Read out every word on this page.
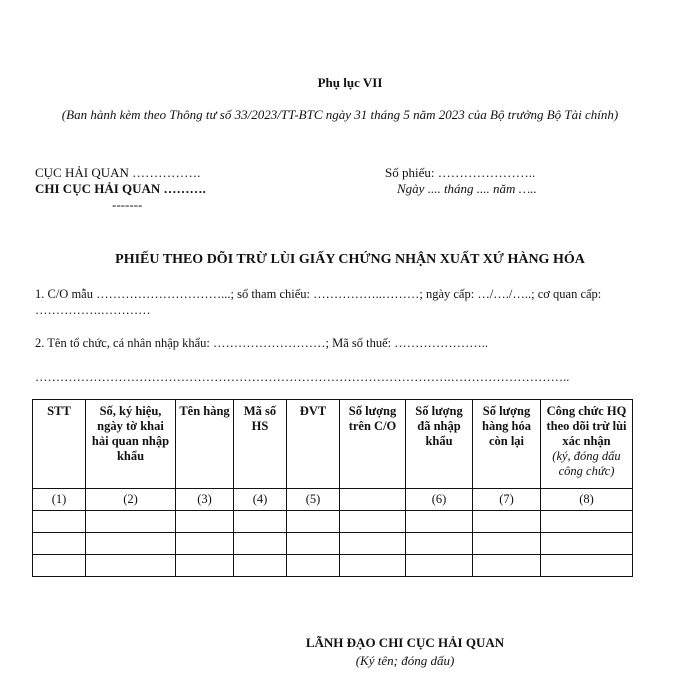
Phụ lục VII
(Ban hành kèm theo Thông tư số 33/2023/TT-BTC ngày 31 tháng 5 năm 2023 của Bộ trưởng Bộ Tài chính)
CỤC HẢI QUAN …………….
CHI CỤC HẢI QUAN ……….
-------
Số phiếu: …………………..
Ngày .... tháng .... năm …..
PHIẾU THEO DÕI TRỪ LÙI GIẤY CHỨNG NHẬN XUẤT XỨ HÀNG HÓA
1. C/O mẫu …………………………...; số tham chiếu: ……………..………; ngày cấp: …/…./…..; cơ quan cấp: …………….…………
2. Tên tổ chức, cá nhân nhập khẩu: ………………………; Mã số thuế: …………………..
……………………………………………………………………………………….………………………..
STT	Số, ký hiệu, ngày tờ khai hải quan nhập khẩu	Tên hàng	Mã số HS	ĐVT	Số lượng trên C/O	Số lượng đã nhập khẩu	Số lượng hàng hóa còn lại	Công chức HQ theo dõi trừ lùi xác nhận
(ký, đóng dấu công chức)
(1)	(2)	(3)	(4)	(5)		(6)	(7)	(8)

LÃNH ĐẠO CHI CỤC HẢI QUAN
(Ký tên; đóng dấu)
